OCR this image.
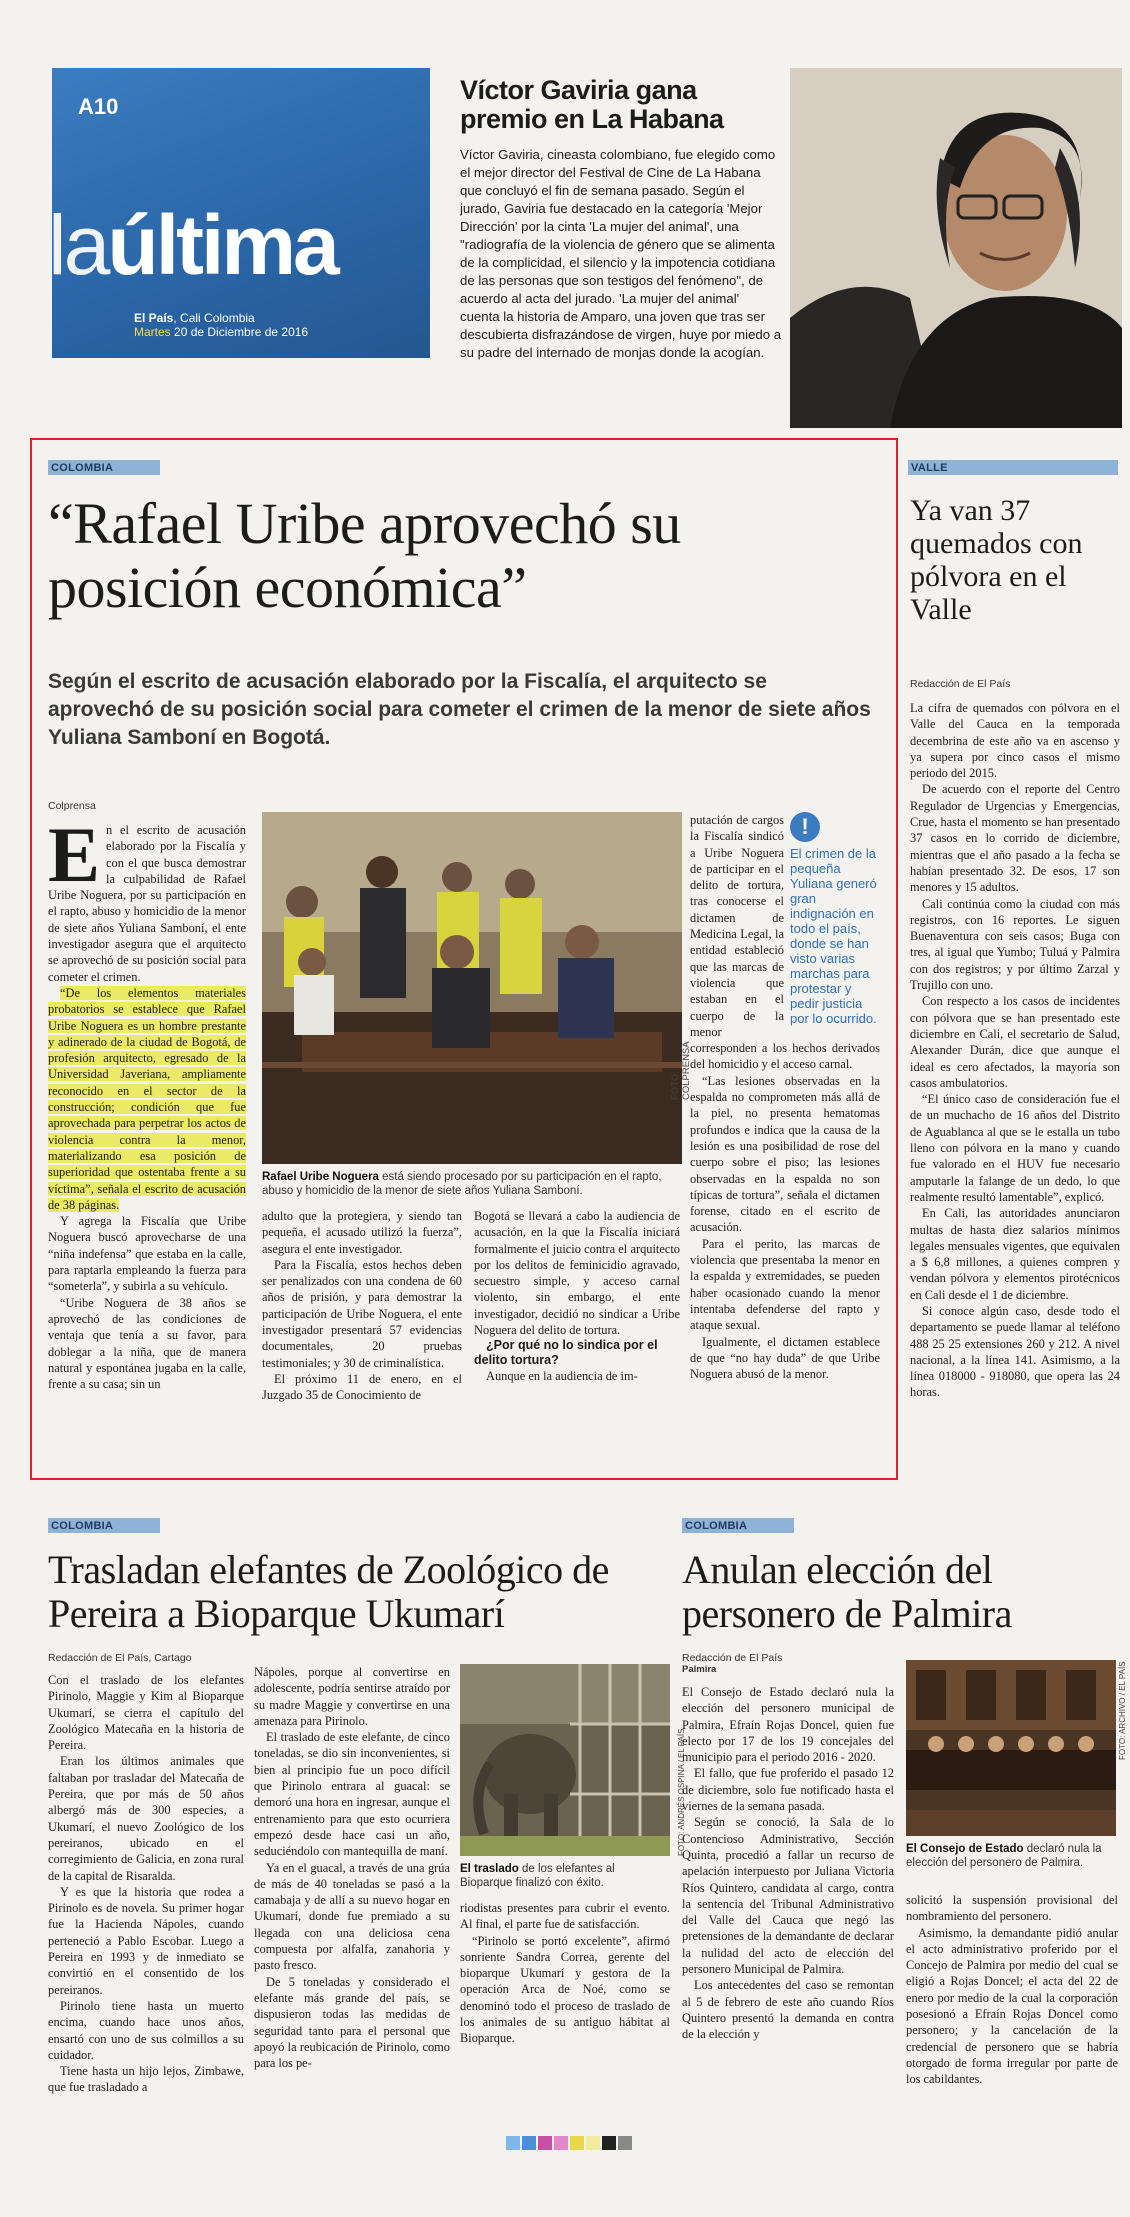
A10
laúltima
El País, Cali Colombia
Martes 20 de Diciembre de 2016
Víctor Gaviria gana premio en La Habana

Víctor Gaviria, cineasta colombiano, fue elegido como el mejor director del Festival de Cine de La Habana que concluyó el fin de semana pasado. Según el jurado, Gaviria fue destacado en la categoría 'Mejor Dirección' por la cinta 'La mujer del animal', una "radiografía de la violencia de género que se alimenta de la complicidad, el silencio y la impotencia cotidiana de las personas que son testigos del fenómeno", de acuerdo al acta del jurado. 'La mujer del animal' cuenta la historia de Amparo, una joven que tras ser descubierta disfrazándose de virgen, huye por miedo a su padre del internado de monjas donde la acogían.

COLOMBIA
“Rafael Uribe aprovechó su posición económica”
Según el escrito de acusación elaborado por la Fiscalía, el arquitecto se aprovechó de su posición social para cometer el crimen de la menor de siete años Yuliana Samboní en Bogotá.
Colprensa

En el escrito de acusación elaborado por la Fiscalía y con el que busca demostrar la culpabilidad de Rafael Uribe Noguera, por su participación en el rapto, abuso y homicidio de la menor de siete años Yuliana Samboní, el ente investigador asegura que el arquitecto se aprovechó de su posición social para cometer el crimen.

“De los elementos materiales probatorios se establece que Rafael Uribe Noguera es un hombre prestante y adinerado de la ciudad de Bogotá, de profesión arquitecto, egresado de la Universidad Javeriana, ampliamente reconocido en el sector de la construcción; condición que fue aprovechada para perpetrar los actos de violencia contra la menor, materializando esa posición de superioridad que ostentaba frente a su víctima”, señala el escrito de acusación de 38 páginas.

Y agrega la Fiscalía que Uribe Noguera buscó aprovecharse de una “niña indefensa” que estaba en la calle, para raptarla empleando la fuerza para “someterla”, y subirla a su vehículo.

“Uribe Noguera de 38 años se aprovechó de las condiciones de ventaja que tenía a su favor, para doblegar a la niña, que de manera natural y espontánea jugaba en la calle, frente a su casa; sin un

FOTO: COLPRENSA
Rafael Uribe Noguera está siendo procesado por su participación en el rapto, abuso y homicidio de la menor de siete años Yuliana Samboní.

adulto que la protegiera, y siendo tan pequeña, el acusado utilizó la fuerza”, asegura el ente investigador.

Para la Fiscalía, estos hechos deben ser penalizados con una condena de 60 años de prisión, y para demostrar la participación de Uribe Noguera, el ente investigador presentará 57 evidencias documentales, 20 pruebas testimoniales; y 30 de criminalística.

El próximo 11 de enero, en el Juzgado 35 de Conocimiento de

Bogotá se llevará a cabo la audiencia de acusación, en la que la Fiscalía iniciará formalmente el juicio contra el arquitecto por los delitos de feminicidio agravado, secuestro simple, y acceso carnal violento, sin embargo, el ente investigador, decidió no sindicar a Uribe Noguera del delito de tortura.

¿Por qué no lo sindica por el delito tortura?

Aunque en la audiencia de im-

!
El crimen de la pequeña Yuliana generó gran indignación en todo el país, donde se han visto varias marchas para protestar y pedir justicia por lo ocurrido.

putación de cargos la Fiscalía sindicó a Uribe Noguera de participar en el delito de tortura, tras conocerse el dictamen de Medicina Legal, la entidad estableció que las marcas de violencia que estaban en el cuerpo de la menor corresponden a los hechos derivados del homicidio y el acceso carnal.

“Las lesiones observadas en la espalda no comprometen más allá de la piel, no presenta hematomas profundos e indica que la causa de la lesión es una posibilidad de rose del cuerpo sobre el piso; las lesiones observadas en la espalda no son típicas de tortura”, señala el dictamen forense, citado en el escrito de acusación.

Para el perito, las marcas de violencia que presentaba la menor en la espalda y extremidades, se pueden haber ocasionado cuando la menor intentaba defenderse del rapto y ataque sexual.

Igualmente, el dictamen establece de que “no hay duda” de que Uribe Noguera abusó de la menor.

VALLE
Ya van 37 quemados con pólvora en el Valle
Redacción de El País

La cifra de quemados con pólvora en el Valle del Cauca en la temporada decembrina de este año va en ascenso y ya supera por cinco casos el mismo periodo del 2015.

De acuerdo con el reporte del Centro Regulador de Urgencias y Emergencias, Crue, hasta el momento se han presentado 37 casos en lo corrido de diciembre, mientras que el año pasado a la fecha se habían presentado 32. De esos, 17 son menores y 15 adultos.

Cali continúa como la ciudad con más registros, con 16 reportes. Le siguen Buenaventura con seis casos; Buga con tres, al igual que Yumbo; Tuluá y Palmira con dos registros; y por último Zarzal y Trujillo con uno.

Con respecto a los casos de incidentes con pólvora que se han presentado este diciembre en Cali, el secretario de Salud, Alexander Durán, dice que aunque el ideal es cero afectados, la mayoría son casos ambulatorios.

“El único caso de consideración fue el de un muchacho de 16 años del Distrito de Aguablanca al que se le estalla un tubo lleno con pólvora en la mano y cuando fue valorado en el HUV fue necesario amputarle la falange de un dedo, lo que realmente resultó lamentable”, explicó.

En Cali, las autoridades anunciaron multas de hasta diez salarios mínimos legales mensuales vigentes, que equivalen a $ 6,8 millones, a quienes compren y vendan pólvora y elementos pirotécnicos en Cali desde el 1 de diciembre.

Si conoce algún caso, desde todo el departamento se puede llamar al teléfono 488 25 25 extensiones 260 y 212. A nivel nacional, a la línea 141. Asimismo, a la línea 018000 - 918080, que opera las 24 horas.

COLOMBIA
Trasladan elefantes de Zoológico de Pereira a Bioparque Ukumarí
Redacción de El País, Cartago

Con el traslado de los elefantes Pirinolo, Maggie y Kim al Bioparque Ukumarí, se cierra el capítulo del Zoológico Matecaña en la historia de Pereira.

Eran los últimos animales que faltaban por trasladar del Matecaña de Pereira, que por más de 50 años albergó más de 300 especies, a Ukumarí, el nuevo Zoológico de los pereiranos, ubicado en el corregimiento de Galicia, en zona rural de la capital de Risaralda.

Y es que la historia que rodea a Pirinolo es de novela. Su primer hogar fue la Hacienda Nápoles, cuando perteneció a Pablo Escobar. Luego a Pereira en 1993 y de inmediato se convirtió en el consentido de los pereiranos.

Pirinolo tiene hasta un muerto encima, cuando hace unos años, ensartó con uno de sus colmillos a su cuidador.

Tiene hasta un hijo lejos, Zimbawe, que fue trasladado a

Nápoles, porque al convertirse en adolescente, podría sentirse atraído por su madre Maggie y convertirse en una amenaza para Pirinolo.

El traslado de este elefante, de cinco toneladas, se dio sin inconvenientes, si bien al principio fue un poco difícil que Pirinolo entrara al guacal: se demoró una hora en ingresar, aunque el entrenamiento para que esto ocurriera empezó desde hace casi un año, seduciéndolo con mantequilla de maní.

Ya en el guacal, a través de una grúa de más de 40 toneladas se pasó a la camabaja y de allí a su nuevo hogar en Ukumarí, donde fue premiado a su llegada con una deliciosa cena compuesta por alfalfa, zanahoria y pasto fresco.

De 5 toneladas y considerado el elefante más grande del país, se dispusieron todas las medidas de seguridad tanto para el personal que apoyó la reubicación de Pirinolo, como para los pe-

FOTO: ANDRÉS OSPINA / EL PAÍS
El traslado de los elefantes al Bioparque finalizó con éxito.

riodistas presentes para cubrir el evento. Al final, el parte fue de satisfacción.

“Pirinolo se portó excelente”, afirmó sonriente Sandra Correa, gerente del bioparque Ukumarí y gestora de la operación Arca de Noé, como se denominó todo el proceso de traslado de los animales de su antiguo hábitat al Bioparque.

COLOMBIA
Anulan elección del personero de Palmira
Redacción de El País
Palmira

El Consejo de Estado declaró nula la elección del personero municipal de Palmira, Efraín Rojas Doncel, quien fue electo por 17 de los 19 concejales del municipio para el periodo 2016 - 2020.

El fallo, que fue proferido el pasado 12 de diciembre, solo fue notificado hasta el viernes de la semana pasada.

Según se conoció, la Sala de lo Contencioso Administrativo, Sección Quinta, procedió a fallar un recurso de apelación interpuesto por Juliana Victoria Ríos Quintero, candidata al cargo, contra la sentencia del Tribunal Administrativo del Valle del Cauca que negó las pretensiones de la demandante de declarar la nulidad del acto de elección del personero Municipal de Palmira.

Los antecedentes del caso se remontan al 5 de febrero de este año cuando Ríos Quintero presentó la demanda en contra de la elección y

FOTO: ARCHIVO / EL PAÍS
El Consejo de Estado declaró nula la elección del personero de Palmira.

solicitó la suspensión provisional del nombramiento del personero.

Asimismo, la demandante pidió anular el acto administrativo proferido por el Concejo de Palmira por medio del cual se eligió a Rojas Doncel; el acta del 22 de enero por medio de la cual la corporación posesionó a Efraín Rojas Doncel como personero; y la cancelación de la credencial de personero que se habría otorgado de forma irregular por parte de los cabildantes.
